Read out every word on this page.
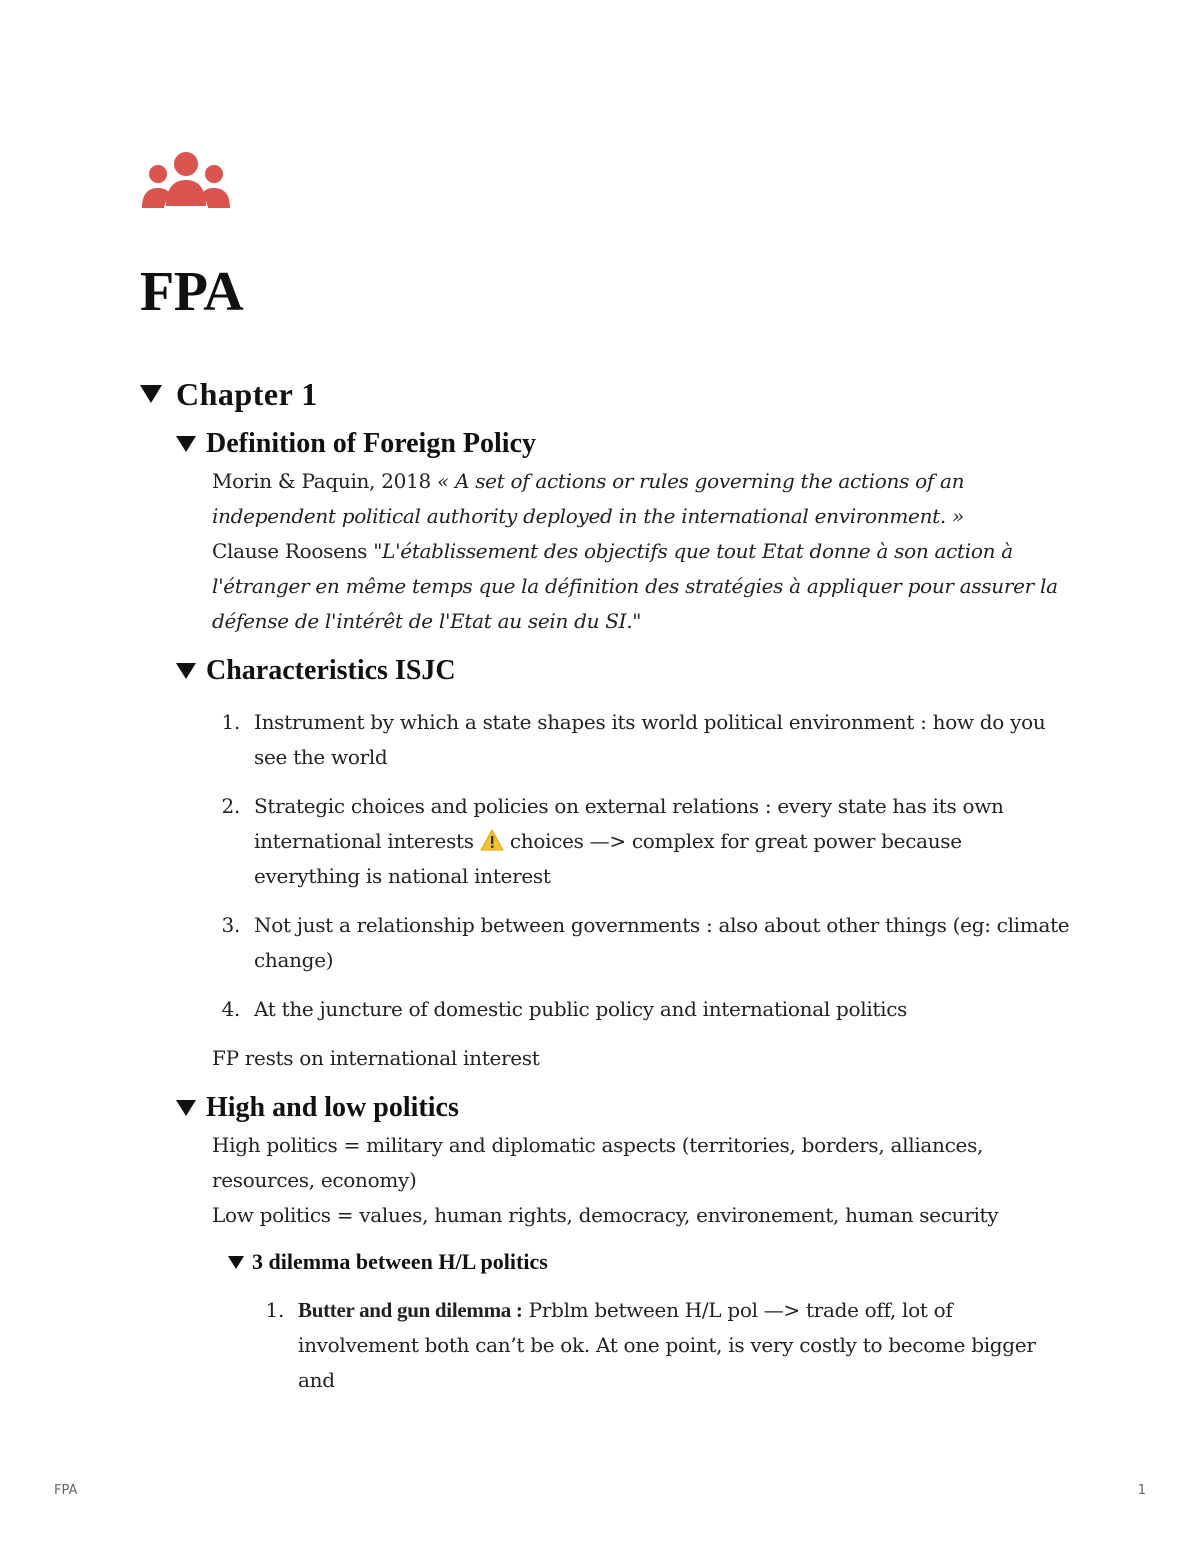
FPA
Chapter 1
Definition of Foreign Policy

Morin & Paquin, 2018 « A set of actions or rules governing the actions of an independent political authority deployed in the international environment. »

Clause Roosens "L'établissement des objectifs que tout Etat donne à son action à l'étranger en même temps que la définition des stratégies à appliquer pour assurer la défense de l'intérêt de l'Etat au sein du SI."

Characteristics ISJC
1. Instrument by which a state shapes its world political environment : how do you see the world
2. Strategic choices and policies on external relations : every state has its own international interests choices —> complex for great power because everything is national interest
3. Not just a relationship between governments : also about other things (eg: climate change)
4. At the juncture of domestic public policy and international politics

FP rests on international interest

High and low politics

High politics = military and diplomatic aspects (territories, borders, alliances, resources, economy)

Low politics = values, human rights, democracy, environement, human security

3 dilemma between H/L politics
1. Butter and gun dilemma : Prblm between H/L pol —> trade off, lot of involvement both can’t be ok. At one point, is very costly to become bigger and
FPA	1
